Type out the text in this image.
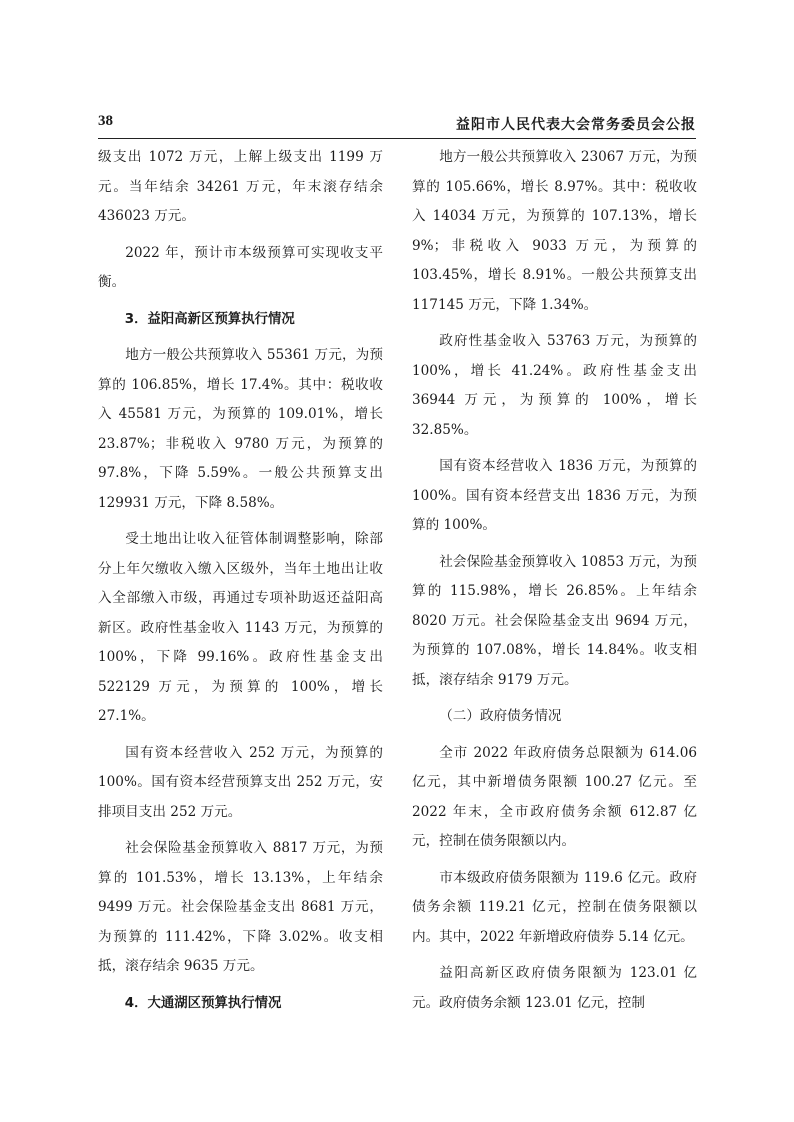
38	益阳市人民代表大会常务委员会公报

级支出 1072 万元，上解上级支出 1199 万元。当年结余 34261 万元，年末滚存结余 436023 万元。

2022 年，预计市本级预算可实现收支平衡。

3．益阳高新区预算执行情况

地方一般公共预算收入 55361 万元，为预算的 106.85%，增长 17.4%。其中：税收收入 45581 万元，为预算的 109.01%，增长 23.87%；非税收入 9780 万元，为预算的 97.8%，下降 5.59%。一般公共预算支出 129931 万元，下降 8.58%。

受土地出让收入征管体制调整影响，除部分上年欠缴收入缴入区级外，当年土地出让收入全部缴入市级，再通过专项补助返还益阳高新区。政府性基金收入 1143 万元，为预算的 100%，下降 99.16%。政府性基金支出 522129 万元，为预算的 100%，增长 27.1%。

国有资本经营收入 252 万元，为预算的 100%。国有资本经营预算支出 252 万元，安排项目支出 252 万元。

社会保险基金预算收入 8817 万元，为预算的 101.53%，增长 13.13%，上年结余 9499 万元。社会保险基金支出 8681 万元，为预算的 111.42%，下降 3.02%。收支相抵，滚存结余 9635 万元。

4．大通湖区预算执行情况

地方一般公共预算收入 23067 万元，为预算的 105.66%，增长 8.97%。其中：税收收入 14034 万元，为预算的 107.13%，增长 9%；非税收入 9033 万元，为预算的 103.45%，增长 8.91%。一般公共预算支出 117145 万元，下降 1.34%。

政府性基金收入 53763 万元，为预算的 100%，增长 41.24%。政府性基金支出 36944 万元，为预算的 100%，增长 32.85%。

国有资本经营收入 1836 万元，为预算的 100%。国有资本经营支出 1836 万元，为预算的 100%。

社会保险基金预算收入 10853 万元，为预算的 115.98%，增长 26.85%。上年结余 8020 万元。社会保险基金支出 9694 万元，为预算的 107.08%，增长 14.84%。收支相抵，滚存结余 9179 万元。

（二）政府债务情况

全市 2022 年政府债务总限额为 614.06 亿元，其中新增债务限额 100.27 亿元。至 2022 年末，全市政府债务余额 612.87 亿元，控制在债务限额以内。

市本级政府债务限额为 119.6 亿元。政府债务余额 119.21 亿元，控制在债务限额以内。其中，2022 年新增政府债券 5.14 亿元。

益阳高新区政府债务限额为 123.01 亿元。政府债务余额 123.01 亿元，控制
